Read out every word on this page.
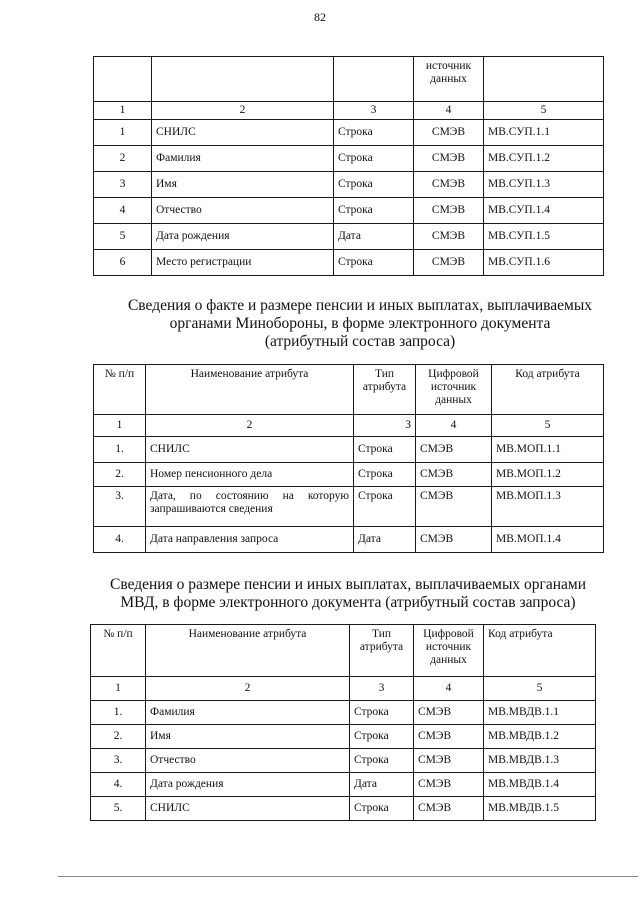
82
			источник данных	
1	2	3	4	5
1	СНИЛС	Строка	СМЭВ	МВ.СУП.1.1
2	Фамилия	Строка	СМЭВ	МВ.СУП.1.2
3	Имя	Строка	СМЭВ	МВ.СУП.1.3
4	Отчество	Строка	СМЭВ	МВ.СУП.1.4
5	Дата рождения	Дата	СМЭВ	МВ.СУП.1.5
6	Место регистрации	Строка	СМЭВ	МВ.СУП.1.6
Сведения о факте и размере пенсии и иных выплатах, выплачиваемых
органами Минобороны, в форме электронного документа
(атрибутный состав запроса)
№ п/п	Наименование атрибута	Тип атрибута	Цифровой источник данных	Код атрибута
1	2	3	4	5
1.	СНИЛС	Строка	СМЭВ	МВ.МОП.1.1
2.	Номер пенсионного дела	Строка	СМЭВ	МВ.МОП.1.2
3.	Дата, по состоянию на которую запрашиваются сведения	Строка	СМЭВ	МВ.МОП.1.3
4.	Дата направления запроса	Дата	СМЭВ	МВ.МОП.1.4
Сведения о размере пенсии и иных выплатах, выплачиваемых органами
МВД, в форме электронного документа (атрибутный состав запроса)
№ п/п	Наименование атрибута	Тип атрибута	Цифровой источник данных	Код атрибута
1	2	3	4	5
1.	Фамилия	Строка	СМЭВ	МВ.МВДВ.1.1
2.	Имя	Строка	СМЭВ	МВ.МВДВ.1.2
3.	Отчество	Строка	СМЭВ	МВ.МВДВ.1.3
4.	Дата рождения	Дата	СМЭВ	МВ.МВДВ.1.4
5.	СНИЛС	Строка	СМЭВ	МВ.МВДВ.1.5
